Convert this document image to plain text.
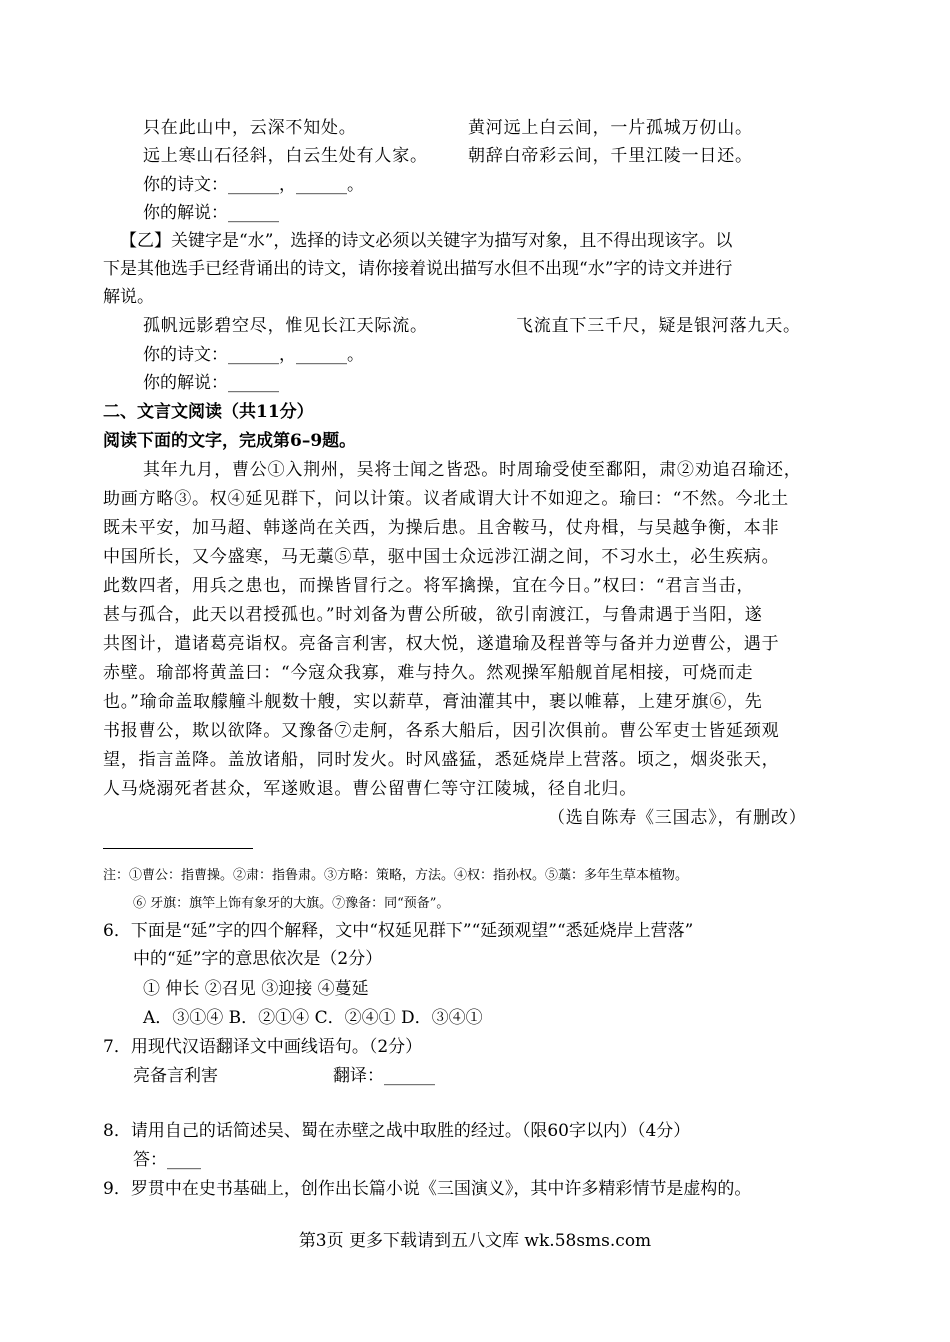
只在此山中，云深不知处。	黄河远上白云间，一片孤城万仞山。
远上寒山石径斜，白云生处有人家。 朝辞白帝彩云间，千里江陵一日还。
你的诗文：______，______。
你的解说：______
【乙】关键字是“水”，选择的诗文必须以关键字为描写对象，且不得出现该字。以
下是其他选手已经背诵出的诗文，请你接着说出描写水但不出现“水”字的诗文并进行
解说。
孤帆远影碧空尽，惟见长江天际流。	飞流直下三千尺，疑是银河落九天。
你的诗文：______，______。
你的解说：______
二、文言文阅读（共11分）
阅读下面的文字，完成第6–9题。
其年九月，曹公①入荆州，吴将士闻之皆恐。时周瑜受使至鄱阳，肃②劝追召瑜还，
助画方略③。权④延见群下，问以计策。议者咸谓大计不如迎之。瑜曰：“不然。今北土
既未平安，加马超、韩遂尚在关西，为操后患。且舍鞍马，仗舟楫，与吴越争衡，本非
中国所长，又今盛寒，马无藁⑤草，驱中国士众远涉江湖之间，不习水土，必生疾病。
此数四者，用兵之患也，而操皆冒行之。将军擒操，宜在今日。”权曰：“君言当击，
甚与孤合，此天以君授孤也。”时刘备为曹公所破，欲引南渡江，与鲁肃遇于当阳，遂
共图计，遣诸葛亮诣权。亮备言利害，权大悦，遂遣瑜及程普等与备并力逆曹公，遇于
赤壁。瑜部将黄盖曰：“今寇众我寡，难与持久。然观操军船舰首尾相接，可烧而走
也。”瑜命盖取艨艟斗舰数十艘，实以薪草，膏油灌其中，裹以帷幕，上建牙旗⑥，先
书报曹公，欺以欲降。又豫备⑦走舸，各系大船后，因引次俱前。曹公军吏士皆延颈观
望，指言盖降。盖放诸船，同时发火。时风盛猛，悉延烧岸上营落。顷之，烟炎张天，
人马烧溺死者甚众，军遂败退。曹公留曹仁等守江陵城，径自北归。
（选自陈寿《三国志》，有删改）
注：①曹公：指曹操。②肃：指鲁肃。③方略：策略，方法。④权：指孙权。⑤藁：多年生草本植物。
⑥ 牙旗：旗竿上饰有象牙的大旗。⑦豫备：同“预备”。
6．下面是“延”字的四个解释，文中“权延见群下”“延颈观望”“悉延烧岸上营落”
中的“延”字的意思依次是（2分）
① 伸长 ②召见 ③迎接 ④蔓延
A．③①④ B．②①④ C．②④① D．③④①
7．用现代汉语翻译文中画线语句。（2分）
亮备言利害	翻译：______
8．请用自己的话简述吴、蜀在赤壁之战中取胜的经过。（限60字以内）（4分）
答：____
9．罗贯中在史书基础上，创作出长篇小说《三国演义》，其中许多精彩情节是虚构的。
第3页 更多下载请到五八文库 wk.58sms.com
